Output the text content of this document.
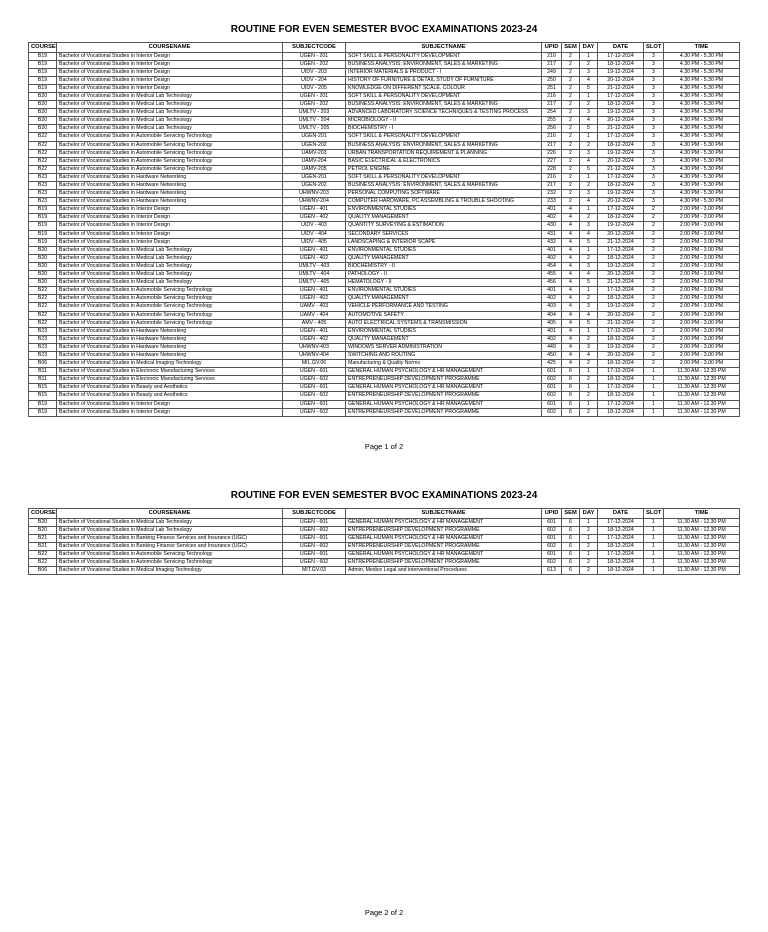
ROUTINE FOR EVEN SEMESTER BVOC EXAMINATIONS 2023-24
COURSE	COURSENAME	SUBJECTCODE	SUBJECTNAME	UPID	SEM	DAY	DATE	SLOT	TIME
B19	Bachelor of Vocational Studies in Interior Design	UGEN - 201	SOFT SKILL & PERSONALITY DEVELOPMENT	216	2	1	17-12-2024	3	4.30 PM - 5.30 PM
B19	Bachelor of Vocational Studies in Interior Design	UGEN - 202	BUSINESS ANALYSIS: ENVIRONMENT, SALES & MARKETING	217	2	2	18-12-2024	3	4.30 PM - 5.30 PM
B19	Bachelor of Vocational Studies in Interior Design	UIDV - 203	INTERIOR MATERIALS & PRODUCT - I	249	2	3	19-12-2024	3	4.30 PM - 5.30 PM
B19	Bachelor of Vocational Studies in Interior Design	UIDV - 204	HISTORY OF FURNITURE & DETAIL STUDY OF FURNITURE	250	2	4	20-12-2024	3	4.30 PM - 5.30 PM
B19	Bachelor of Vocational Studies in Interior Design	UIDV - 205	KNOWLEDGE ON DIFFERENT SCALE, COLOUR	251	2	5	21-12-2024	3	4.30 PM - 5.30 PM
B20	Bachelor of Vocational Studies in Medical Lab Technology	UGEN - 201	SOFT SKILL & PERSONALITY DEVELOPMENT	216	2	1	17-12-2024	3	4.30 PM - 5.30 PM
B20	Bachelor of Vocational Studies in Medical Lab Technology	UGEN - 202	BUSINESS ANALYSIS: ENVIRONMENT, SALES & MARKETING	217	2	2	18-12-2024	3	4.30 PM - 5.30 PM
B20	Bachelor of Vocational Studies in Medical Lab Technology	UMLTV - 203	ADVANCED LABORATORY SCIENCE TECHNIQUES & TESTING PROCESS	254	2	3	19-12-2024	3	4.30 PM - 5.30 PM
B20	Bachelor of Vocational Studies in Medical Lab Technology	UMLTV - 204	MICROBIOLOGY - II	255	2	4	20-12-2024	3	4.30 PM - 5.30 PM
B20	Bachelor of Vocational Studies in Medical Lab Technology	UMLTV - 205	BIOCHEMISTRY - I	256	2	5	21-12-2024	3	4.30 PM - 5.30 PM
B22	Bachelor of Vocational Studies in Automobile Servicing Technology	UGEN-201	SOFT SKILL & PERSONALITY DEVELOPMENT	216	2	1	17-12-2024	3	4.30 PM - 5.30 PM
B22	Bachelor of Vocational Studies in Automobile Servicing Technology	UGEN-202	BUSINESS ANALYSIS: ENVIRONMENT, SALES & MARKETING	217	2	2	18-12-2024	3	4.30 PM - 5.30 PM
B22	Bachelor of Vocational Studies in Automobile Servicing Technology	UAMV-203	URBAN TRANSPORTATION REQUIREMENT & PLANNING	226	2	3	19-12-2024	3	4.30 PM - 5.30 PM
B22	Bachelor of Vocational Studies in Automobile Servicing Technology	UAMV-204	BASIC ELECTRICAL & ELECTRONICS	227	2	4	20-12-2024	3	4.30 PM - 5.30 PM
B22	Bachelor of Vocational Studies in Automobile Servicing Technology	UAMV-205	PETROL ENGINE	228	2	5	21-12-2024	3	4.30 PM - 5.30 PM
B23	Bachelor of Vocational Studies in Hardware Networking	UGEN-201	SOFT SKILL & PERSONALITY DEVELOPMENT	216	2	1	17-12-2024	3	4.30 PM - 5.30 PM
B23	Bachelor of Vocational Studies in Hardware Networking	UGEN-202	BUSINESS ANALYSIS: ENVIRONMENT, SALES & MARKETING	217	2	2	18-12-2024	3	4.30 PM - 5.30 PM
B23	Bachelor of Vocational Studies in Hardware Networking	UHWNV-203	PERSONAL COMPUTING SOFTWARE	232	2	3	19-12-2024	3	4.30 PM - 5.30 PM
B23	Bachelor of Vocational Studies in Hardware Networking	UHWNV-204	COMPUTER HARDWARE, PC ASSEMBLING & TROUBLE SHOOTING	233	2	4	20-12-2024	3	4.30 PM - 5.30 PM
B19	Bachelor of Vocational Studies in Interior Design	UGEN - 401	ENVIRONMENTAL STUDIES	401	4	1	17-12-2024	2	2.00 PM - 3.00 PM
B19	Bachelor of Vocational Studies in Interior Design	UGEN - 402	QUALITY MANAGEMENT	402	4	2	18-12-2024	2	2.00 PM - 3.00 PM
B19	Bachelor of Vocational Studies in Interior Design	UIDV - 403	QUANTITY SURVEYING & ESTIMATION	430	4	3	19-12-2024	2	2.00 PM - 3.00 PM
B19	Bachelor of Vocational Studies in Interior Design	UIDV - 404	SECONDARY SERVICES	431	4	4	20-12-2024	2	2.00 PM - 3.00 PM
B19	Bachelor of Vocational Studies in Interior Design	UIDV - 405	LANDSCAPING & INTERIOR SCAPE	432	4	5	21-12-2024	2	2.00 PM - 3.00 PM
B20	Bachelor of Vocational Studies in Medical Lab Technology	UGEN - 401	ENVIRONMENTAL STUDIES	401	4	1	17-12-2024	2	2.00 PM - 3.00 PM
B20	Bachelor of Vocational Studies in Medical Lab Technology	UGEN - 402	QUALITY MANAGEMENT	402	4	2	18-12-2024	2	2.00 PM - 3.00 PM
B20	Bachelor of Vocational Studies in Medical Lab Technology	UMLTV - 403	BIOCHEMISTRY - II	454	4	3	19-12-2024	2	2.00 PM - 3.00 PM
B20	Bachelor of Vocational Studies in Medical Lab Technology	UMLTV - 404	PATHOLOGY - II	455	4	4	20-12-2024	2	2.00 PM - 3.00 PM
B20	Bachelor of Vocational Studies in Medical Lab Technology	UMLTV - 405	HEMATOLOGY - II	456	4	5	21-12-2024	2	2.00 PM - 3.00 PM
B22	Bachelor of Vocational Studies in Automobile Servicing Technology	UGEN - 401	ENVIRONMENTAL STUDIES	401	4	1	17-12-2024	2	2.00 PM - 3.00 PM
B22	Bachelor of Vocational Studies in Automobile Servicing Technology	UGEN - 402	QUALITY MANAGEMENT	402	4	2	18-12-2024	2	2.00 PM - 3.00 PM
B22	Bachelor of Vocational Studies in Automobile Servicing Technology	UAMV - 403	VEHICLE PERFORMANCE AND TESTING	403	4	3	19-12-2024	2	2.00 PM - 3.00 PM
B22	Bachelor of Vocational Studies in Automobile Servicing Technology	UAMV - 404	AUTOMOTIVE SAFETY	404	4	4	20-12-2024	2	2.00 PM - 3.00 PM
B22	Bachelor of Vocational Studies in Automobile Servicing Technology	AMV - 405	AUTO ELECTRICAL SYSTEMS & TRANSMISSION	405	4	5	21-12-2024	2	2.00 PM - 3.00 PM
B23	Bachelor of Vocational Studies in Hardware Networking	UGEN - 401	ENVIRONMENTAL STUDIES	401	4	1	17-12-2024	2	2.00 PM - 3.00 PM
B23	Bachelor of Vocational Studies in Hardware Networking	UGEN - 402	QUALITY MANAGEMENT	402	4	2	18-12-2024	2	2.00 PM - 3.00 PM
B23	Bachelor of Vocational Studies in Hardware Networking	UHWNV-403	WINDOWS SERVER ADMINISTRATION	449	4	3	19-12-2024	2	2.00 PM - 3.00 PM
B23	Bachelor of Vocational Studies in Hardware Networking	UHWNV-404	SWITCHING AND ROUTING	450	4	4	20-12-2024	2	2.00 PM - 3.00 PM
B06	Bachelor of Vocational Studies in Medical Imaging Technology	MIL.GV.06	Manufacturing & Quality Norms	425	4	2	18-12-2024	2	2.00 PM - 3.00 PM
B11	Bachelor of Vocational Studies in Electronic Manufacturing Services	UGEN - 601	GENERAL HUMAN PSYCHOLOGY & HR MANAGEMENT	601	6	1	17-12-2024	1	11.30 AM - 12.30 PM
B11	Bachelor of Vocational Studies in Electronic Manufacturing Services	UGEN - 602	ENTREPRENEURSHIP DEVELOPMENT PROGRAMME	602	6	2	18-12-2024	1	11.30 AM - 12.30 PM
B15	Bachelor of Vocational Studies in Beauty and Aesthetics	UGEN - 601	GENERAL HUMAN PSYCHOLOGY & HR MANAGEMENT	601	6	1	17-12-2024	1	11.30 AM - 12.30 PM
B15	Bachelor of Vocational Studies in Beauty and Aesthetics	UGEN - 602	ENTREPRENEURSHIP DEVELOPMENT PROGRAMME	602	6	2	18-12-2024	1	11.30 AM - 12.30 PM
B19	Bachelor of Vocational Studies in Interior Design	UGEN - 601	GENERAL HUMAN PSYCHOLOGY & HR MANAGEMENT	601	6	1	17-12-2024	1	11.30 AM - 12.30 PM
B19	Bachelor of Vocational Studies in Interior Design	UGEN - 602	ENTREPRENEURSHIP DEVELOPMENT PROGRAMME	602	6	2	18-12-2024	1	11.30 AM - 12.30 PM
Page 1 of 2
ROUTINE FOR EVEN SEMESTER BVOC EXAMINATIONS 2023-24
COURSE	COURSENAME	SUBJECTCODE	SUBJECTNAME	UPID	SEM	DAY	DATE	SLOT	TIME
B20	Bachelor of Vocational Studies in Medical Lab Technology	UGEN - 601	GENERAL HUMAN PSYCHOLOGY & HR MANAGEMENT	601	6	1	17-12-2024	1	11.30 AM - 12.30 PM
B20	Bachelor of Vocational Studies in Medical Lab Technology	UGEN - 602	ENTREPRENEURSHIP DEVELOPMENT PROGRAMME	602	6	2	18-12-2024	1	11.30 AM - 12.30 PM
B21	Bachelor of Vocational Studies in Banking Finance Services and Insurance (UGC)	UGEN - 601	GENERAL HUMAN PSYCHOLOGY & HR MANAGEMENT	601	6	1	17-12-2024	1	11.30 AM - 12.30 PM
B21	Bachelor of Vocational Studies in Banking Finance Services and Insurance (UGC)	UGEN - 602	ENTREPRENEURSHIP DEVELOPMENT PROGRAMME	602	6	2	18-12-2024	1	11.30 AM - 12.30 PM
B22	Bachelor of Vocational Studies in Automobile Servicing Technology	UGEN - 601	GENERAL HUMAN PSYCHOLOGY & HR MANAGEMENT	601	6	1	17-12-2024	1	11.30 AM - 12.30 PM
B22	Bachelor of Vocational Studies in Automobile Servicing Technology	UGEN - 602	ENTREPRENEURSHIP DEVELOPMENT PROGRAMME	602	6	2	18-12-2024	1	11.30 AM - 12.30 PM
B06	Bachelor of Vocational Studies in Medical Imaging Technology	MIT.GV.03	Admin, Medico Legal and interventional Procedures	613	6	2	18-12-2024	1	11.30 AM - 12.30 PM
Page 2 of 2
